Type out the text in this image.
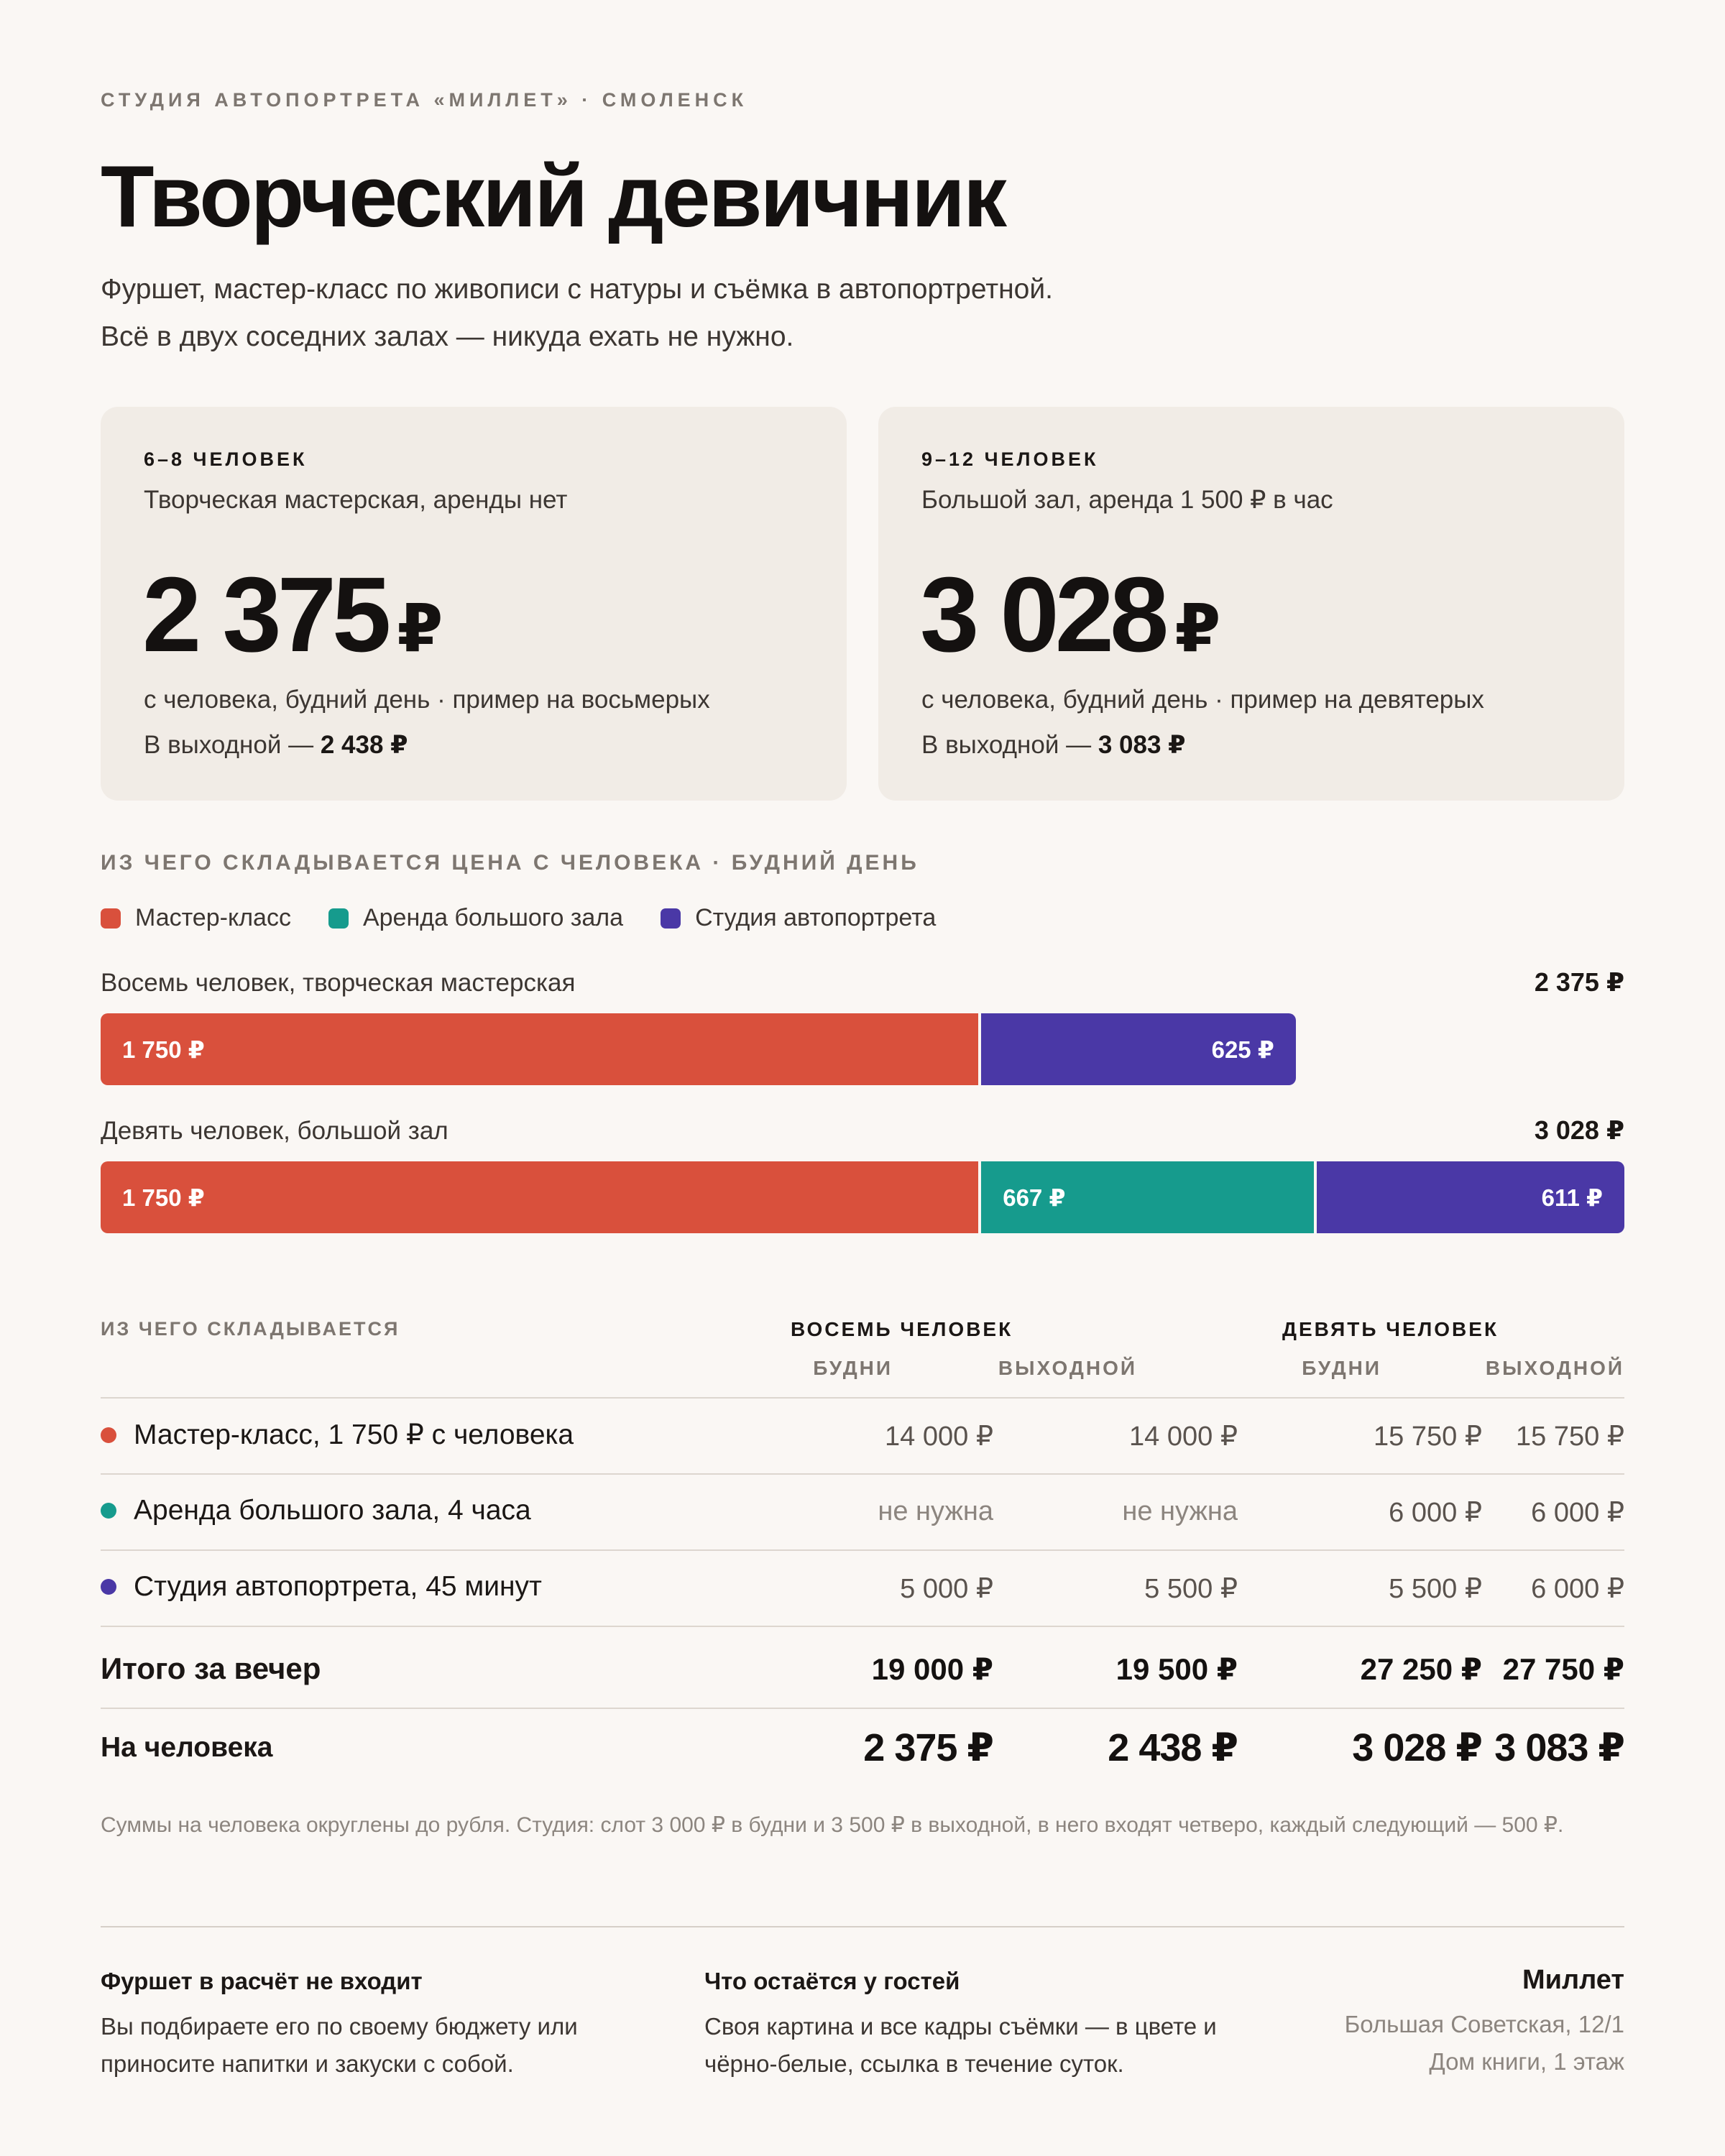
СТУДИЯ АВТОПОРТРЕТА «МИЛЛЕТ» · СМОЛЕНСК
Творческий девичник
Фуршет, мастер-класс по живописи с натуры и съёмка в автопортретной.
Всё в двух соседних залах — никуда ехать не нужно.
6–8 ЧЕЛОВЕК
Творческая мастерская, аренды нет
2 375 ₽
с человека, будний день · пример на восьмерых
В выходной — 2 438 ₽
9–12 ЧЕЛОВЕК
Большой зал, аренда 1 500 ₽ в час
3 028 ₽
с человека, будний день · пример на девятерых
В выходной — 3 083 ₽
ИЗ ЧЕГО СКЛАДЫВАЕТСЯ ЦЕНА С ЧЕЛОВЕКА · БУДНИЙ ДЕНЬ
Мастер-класс	Аренда большого зала	Студия автопортрета
Восемь человек, творческая мастерская	2 375 ₽
1 750 ₽	625 ₽
Девять человек, большой зал	3 028 ₽
1 750 ₽	667 ₽	611 ₽
ИЗ ЧЕГО СКЛАДЫВАЕТСЯ	ВОСЕМЬ ЧЕЛОВЕК	ДЕВЯТЬ ЧЕЛОВЕК
БУДНИ	ВЫХОДНОЙ	БУДНИ	ВЫХОДНОЙ
Мастер-класс, 1 750 ₽ с человека	14 000 ₽	14 000 ₽	15 750 ₽	15 750 ₽
Аренда большого зала, 4 часа	не нужна	не нужна	6 000 ₽	6 000 ₽
Студия автопортрета, 45 минут	5 000 ₽	5 500 ₽	5 500 ₽	6 000 ₽
Итого за вечер	19 000 ₽	19 500 ₽	27 250 ₽ 27 750 ₽
На человека	2 375 ₽	2 438 ₽	3 028 ₽ 3 083 ₽
Суммы на человека округлены до рубля. Студия: слот 3 000 ₽ в будни и 3 500 ₽ в выходной, в него входят четверо, каждый следующий — 500 ₽.
Фуршет в расчёт не входит
Вы подбираете его по своему бюджету или
приносите напитки и закуски с собой.
Что остаётся у гостей
Своя картина и все кадры съёмки — в цвете и
чёрно-белые, ссылка в течение суток.
Миллет
Большая Советская, 12/1
Дом книги, 1 этаж
